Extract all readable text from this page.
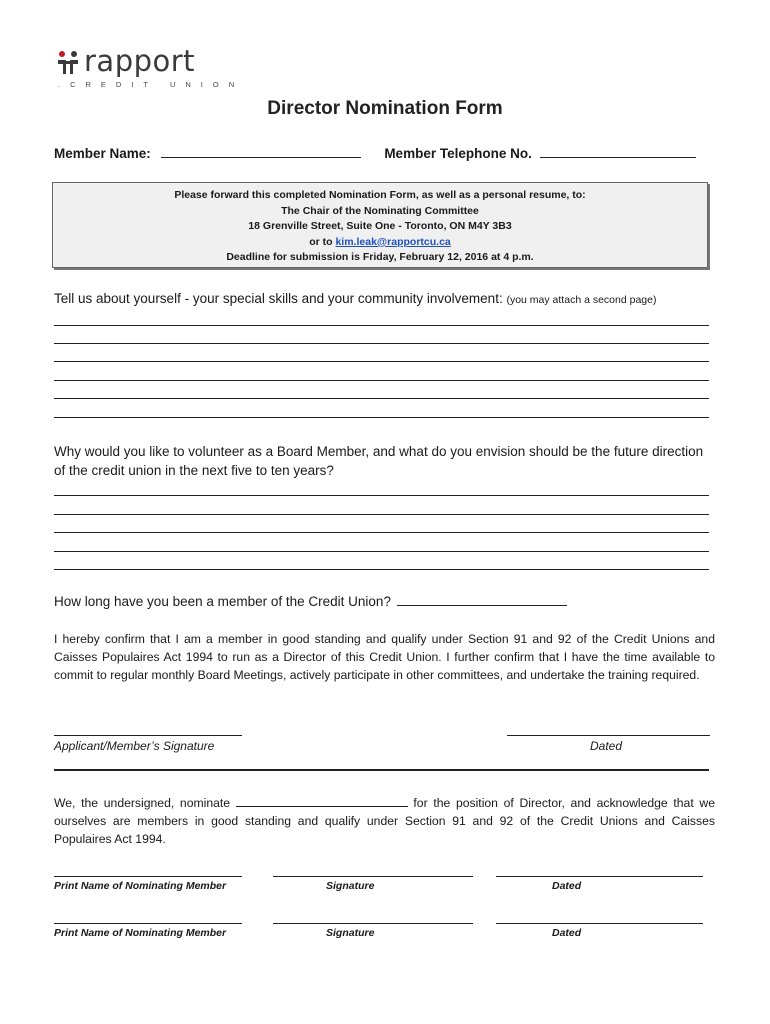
rapport
.CREDIT UNION
Director Nomination Form
Member Name:	Member Telephone No.
Please forward this completed Nomination Form, as well as a personal resume, to:
The Chair of the Nominating Committee
18 Grenville Street, Suite One - Toronto, ON M4Y 3B3
or to kim.leak@rapportcu.ca
Deadline for submission is Friday, February 12, 2016 at 4 p.m.
Tell us about yourself - your special skills and your community involvement: (you may attach a second page)
Why would you like to volunteer as a Board Member, and what do you envision should be the future direction of the credit union in the next five to ten years?
How long have you been a member of the Credit Union?
I hereby confirm that I am a member in good standing and qualify under Section 91 and 92 of the Credit Unions and Caisses Populaires Act 1994 to run as a Director of this Credit Union. I further confirm that I have the time available to commit to regular monthly Board Meetings, actively participate in other committees, and undertake the training required.
Applicant/Member’s Signature	Dated
We, the undersigned, nominate	for the position of Director, and acknowledge that we ourselves are members in good standing and qualify under Section 91 and 92 of the Credit Unions and Caisses Populaires Act 1994.
Print Name of Nominating Member	Signature	Dated
Print Name of Nominating Member	Signature	Dated
